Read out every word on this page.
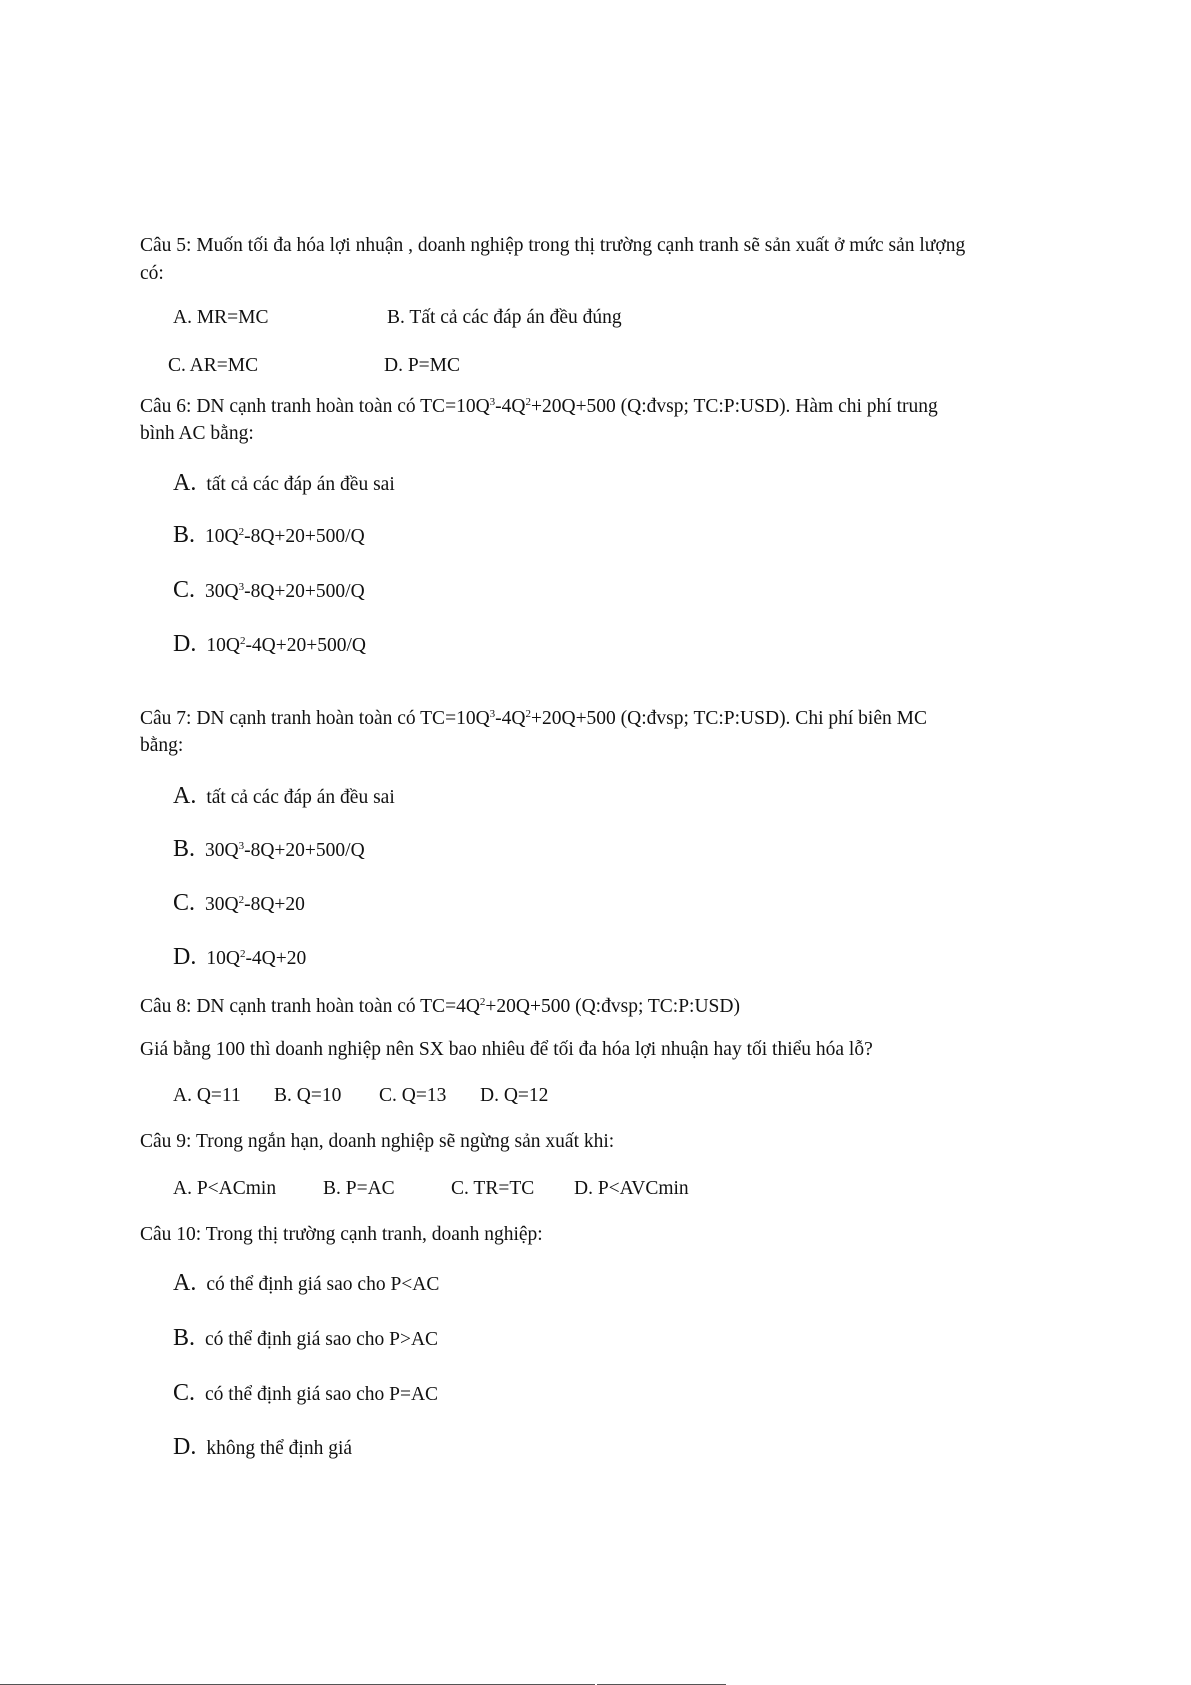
Câu 5: Muốn tối đa hóa lợi nhuận , doanh nghiệp trong thị trường cạnh tranh sẽ sản xuất ở mức sản lượng
có:
A. MR=MC	B. Tất cả các đáp án đều đúng
C. AR=MC	D. P=MC
Câu 6: DN cạnh tranh hoàn toàn có $TC=10Q^3-4Q^2+20Q+500$ (Q:đvsp; TC:P:USD). Hàm chi phí trung
bình AC bằng:
A. tất cả các đáp án đều sai
B. $10Q^2-8Q+20+500/Q$
C. $30Q^3-8Q+20+500/Q$
D. $10Q^2-4Q+20+500/Q$
Câu 7: DN cạnh tranh hoàn toàn có $TC=10Q^3-4Q^2+20Q+500$ (Q:đvsp; TC:P:USD). Chi phí biên MC
bằng:
A. tất cả các đáp án đều sai
B. $30Q^3-8Q+20+500/Q$
C. $30Q^2-8Q+20$
D. $10Q^2-4Q+20$
Câu 8: DN cạnh tranh hoàn toàn có $TC=4Q^2+20Q+500$ (Q:đvsp; TC:P:USD)
Giá bằng 100 thì doanh nghiệp nên SX bao nhiêu để tối đa hóa lợi nhuận hay tối thiểu hóa lỗ?
A. Q=11 B. Q=10 C. Q=13 D. Q=12
Câu 9: Trong ngắn hạn, doanh nghiệp sẽ ngừng sản xuất khi:
A. P<ACmin B. P=AC	C. TR=TC D. P<AVCmin
Câu 10: Trong thị trường cạnh tranh, doanh nghiệp:
A. có thể định giá sao cho P<AC
B. có thể định giá sao cho P>AC
C. có thể định giá sao cho P=AC
D. không thể định giá
